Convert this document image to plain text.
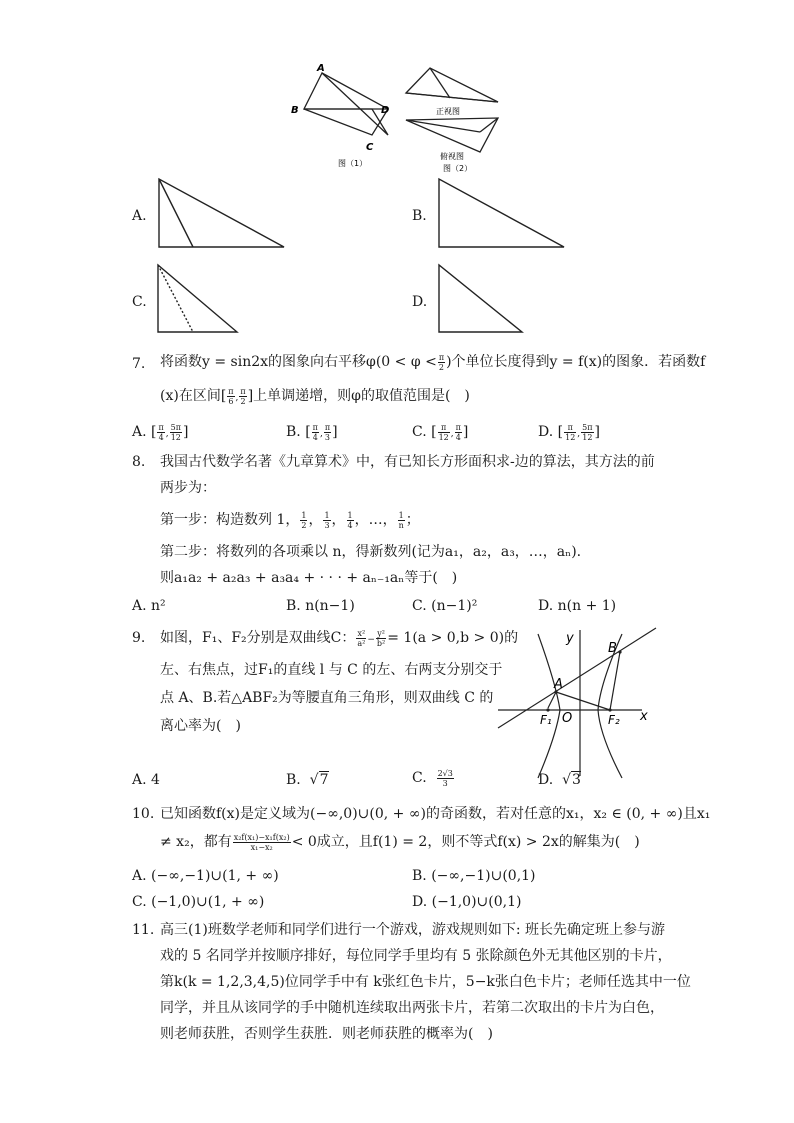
A
B	D
C
图（1）
正视图
俯视图
图（2）
A.	B.
C.	D.
7. 将函数y = sin2x的图象向右平移$\varphi(0 < \varphi < \frac{\pi}{2}$ )个单位长度得到y = f(x)的图象．若函数f
(x)在区间[ $\frac{\pi}{6}$ , $\frac{\pi}{2}$ ]上单调递增，则φ的取值范围是(　)
A. [ $\frac{\pi}{4}$ , $\frac{5\pi}{12}$ ]	B. [ $\frac{\pi}{4}$ , $\frac{\pi}{3}$ ]	C. [ $\frac{\pi}{12}$ , $\frac{\pi}{4}$ ]	D. [ $\frac{\pi}{12}$ , $\frac{5\pi}{12}$ ]
8. 我国古代数学名著《九章算术》中，有已知长方形面积求-边的算法，其方法的前
两步为：
第一步：构造数列 1， $\frac{1}{2}$ ， $\frac{1}{3}$ ， $\frac{1}{4}$ ，…， $\frac{1}{n}$ ；
第二步：将数列的各项乘以 n，得新数列(记为a₁，a₂，a₃，…，aₙ).
则a₁a₂ + a₂a₃ + a₃a₄ + · · · + aₙ₋₁aₙ等于(　)
A. n²	B. n(n−1)	C. (n−1)²	D. n(n + 1)
9. 如图，F₁、F₂分别是双曲线C： $\frac{\text{x²}}{\text{a²}} - \frac{\text{y²}}{\text{b²}} = 1(a > 0,b > 0)$的
左、右焦点，过F₁的直线 l 与 C 的左、右两支分别交于
点 A、B.若△ABF₂为等腰直角三角形，则双曲线 C 的
离心率为(　)
y
x
A
B
O
F₁	F₂
A. 4	B.  √7	C. $\frac{2√3}{3}$	D.  √3
10. 已知函数f(x)是定义域为(−∞,0)∪(0, + ∞)的奇函数，若对任意的x₁，x₂ ∈ (0, + ∞)且x₁
≠ x₂，都有 $\frac{\text{x₂f(x₁)−x₁f(x₂)}}{\text{x₁−x₂}} < 0$成立，且f(1) = 2，则不等式f(x) > 2x的解集为(　)
A. (−∞,−1)∪(1, + ∞)	B. (−∞,−1)∪(0,1)
C. (−1,0)∪(1, + ∞)	D. (−1,0)∪(0,1)
11. 高三(1)班数学老师和同学们进行一个游戏，游戏规则如下: 班长先确定班上参与游
戏的 5 名同学并按顺序排好，每位同学手里均有 5 张除颜色外无其他区别的卡片，
第k(k = 1,2,3,4,5)位同学手中有 k张红色卡片，5−k张白色卡片；老师任选其中一位
同学，并且从该同学的手中随机连续取出两张卡片，若第二次取出的卡片为白色，
则老师获胜，否则学生获胜．则老师获胜的概率为(　)
